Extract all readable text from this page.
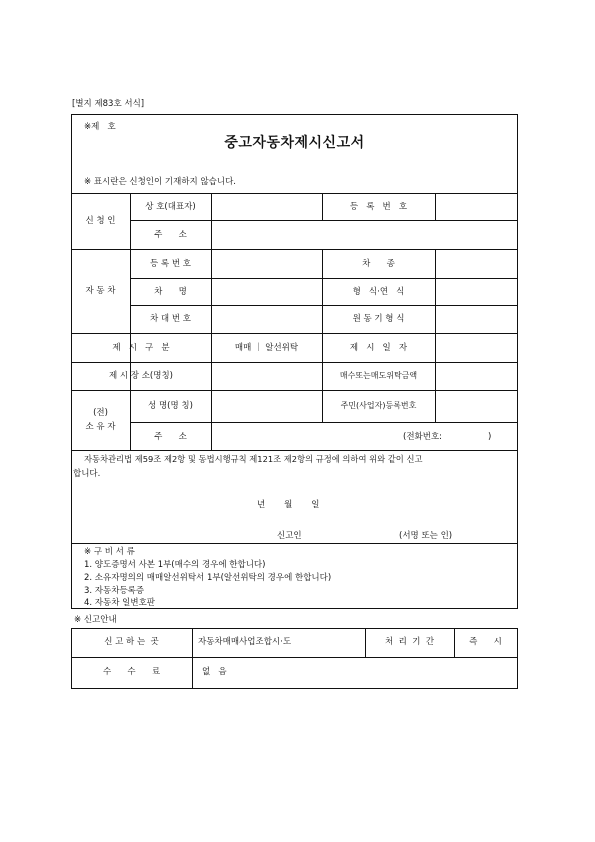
[별지 제83호 서식]
※제   호
중고자동차제시신고서
※ 표시란은 신청인이 기재하지 않습니다.
신 청 인
상 호(대표자)	등   록   번   호
주      소
자 동 차
등 록 번 호	차      종
차      명	형   식·연   식
차 대 번 호	원 동 기 형 식
제   시   구   분	매매 ｜ 알선위탁	제   시   일   자
제 시 장 소(명칭)	매수또는매도위탁금액
(전)
소 유 자
성 명(명 칭)	주민(사업자)등록번호
주      소	(전화번호:                 )
자동차관리법 제59조 제2항 및 동법시행규칙 제121조 제2항의 규정에 의하여 위와 같이 신고
합니다.
년       월       일
신고인	(서명 또는 인)
※ 구 비 서 류
1. 양도증명서 사본 1부(매수의 경우에 한합니다)
2. 소유자명의의 매매알선위탁서 1부(알선위탁의 경우에 한합니다)
3. 자동차등록증
4. 자동차 일변호판
※ 신고안내
신 고 하 는  곳	자동차매매사업조합시·도	처  리  기  간	즉      시
수      수      료	없   음
